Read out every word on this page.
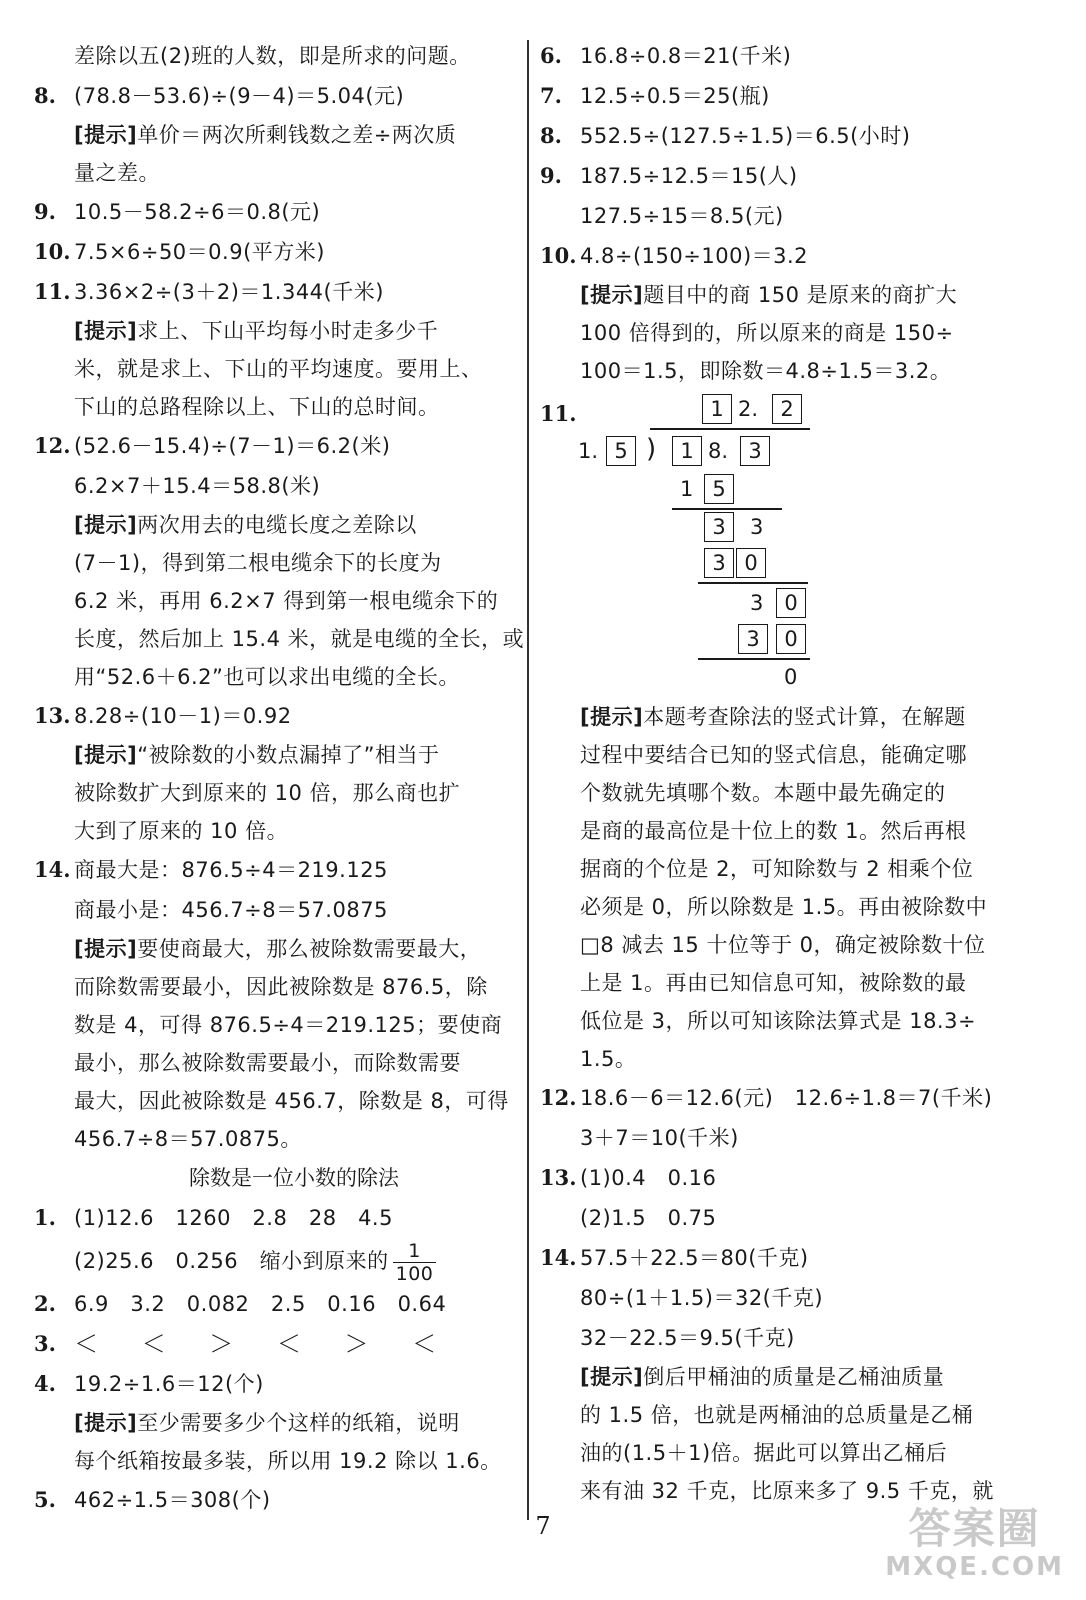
差除以五(2)班的人数，即是所求的问题。
8. (78.8－53.6)÷(9－4)＝5.04(元)
[提示]单价＝两次所剩钱数之差÷两次质
量之差。
9. 10.5－58.2÷6＝0.8(元)
10. 7.5×6÷50＝0.9(平方米)
11. 3.36×2÷(3＋2)＝1.344(千米)
[提示]求上、下山平均每小时走多少千
米，就是求上、下山的平均速度。要用上、
下山的总路程除以上、下山的总时间。
12. (52.6－15.4)÷(7－1)＝6.2(米)
6.2×7＋15.4＝58.8(米)
[提示]两次用去的电缆长度之差除以
(7－1)，得到第二根电缆余下的长度为
6.2 米，再用 6.2×7 得到第一根电缆余下的
长度，然后加上 15.4 米，就是电缆的全长，或
用“52.6＋6.2”也可以求出电缆的全长。
13. 8.28÷(10－1)＝0.92
[提示]“被除数的小数点漏掉了”相当于
被除数扩大到原来的 10 倍，那么商也扩
大到了原来的 10 倍。
14. 商最大是：876.5÷4＝219.125
商最小是：456.7÷8＝57.0875
[提示]要使商最大，那么被除数需要最大，
而除数需要最小，因此被除数是 876.5，除
数是 4，可得 876.5÷4＝219.125；要使商
最小，那么被除数需要最小，而除数需要
最大，因此被除数是 456.7，除数是 8，可得
456.7÷8＝57.0875。
除数是一位小数的除法
1. (1)12.6　1260　2.8　28　4.5
(2)25.6　0.256　缩小到原来的 $\frac{1}{100}$
2. 6.9　3.2　0.082　2.5　0.16　0.64
3. ＜ ＜ ＞ ＜ ＞ ＜
4. 19.2÷1.6＝12(个)
[提示]至少需要多少个这样的纸箱，说明
每个纸箱按最多装，所以用 19.2 除以 1.6。
5. 462÷1.5＝308(个)
6. 16.8÷0.8＝21(千米)
7. 12.5÷0.5＝25(瓶)
8. 552.5÷(127.5÷1.5)＝6.5(小时)
9. 187.5÷12.5＝15(人)
127.5÷15＝8.5(元)
10. 4.8÷(150÷100)＝3.2
[提示]题目中的商 150 是原来的商扩大
100 倍得到的，所以原来的商是 150÷
100＝1.5，即除数＝4.8÷1.5＝3.2。
11.	1 2.	2
1. 5 )	1 8. 3
1 5
3	3
3 0
3 0
3	0
0
[提示]本题考查除法的竖式计算，在解题
过程中要结合已知的竖式信息，能确定哪
个数就先填哪个数。本题中最先确定的
是商的最高位是十位上的数 1。然后再根
据商的个位是 2，可知除数与 2 相乘个位
必须是 0，所以除数是 1.5。再由被除数中
□8 减去 15 十位等于 0，确定被除数十位
上是 1。再由已知信息可知，被除数的最
低位是 3，所以可知该除法算式是 18.3÷
1.5。
12. 18.6－6＝12.6(元)　12.6÷1.8＝7(千米)
3＋7＝10(千米)
13. (1)0.4　0.16
(2)1.5　0.75
14. 57.5＋22.5＝80(千克)
80÷(1＋1.5)＝32(千克)
32－22.5＝9.5(千克)
[提示]倒后甲桶油的质量是乙桶油质量
的 1.5 倍，也就是两桶油的总质量是乙桶
油的(1.5＋1)倍。据此可以算出乙桶后
来有油 32 千克，比原来多了 9.5 千克，就
7	答案圈
MXQE.COM
